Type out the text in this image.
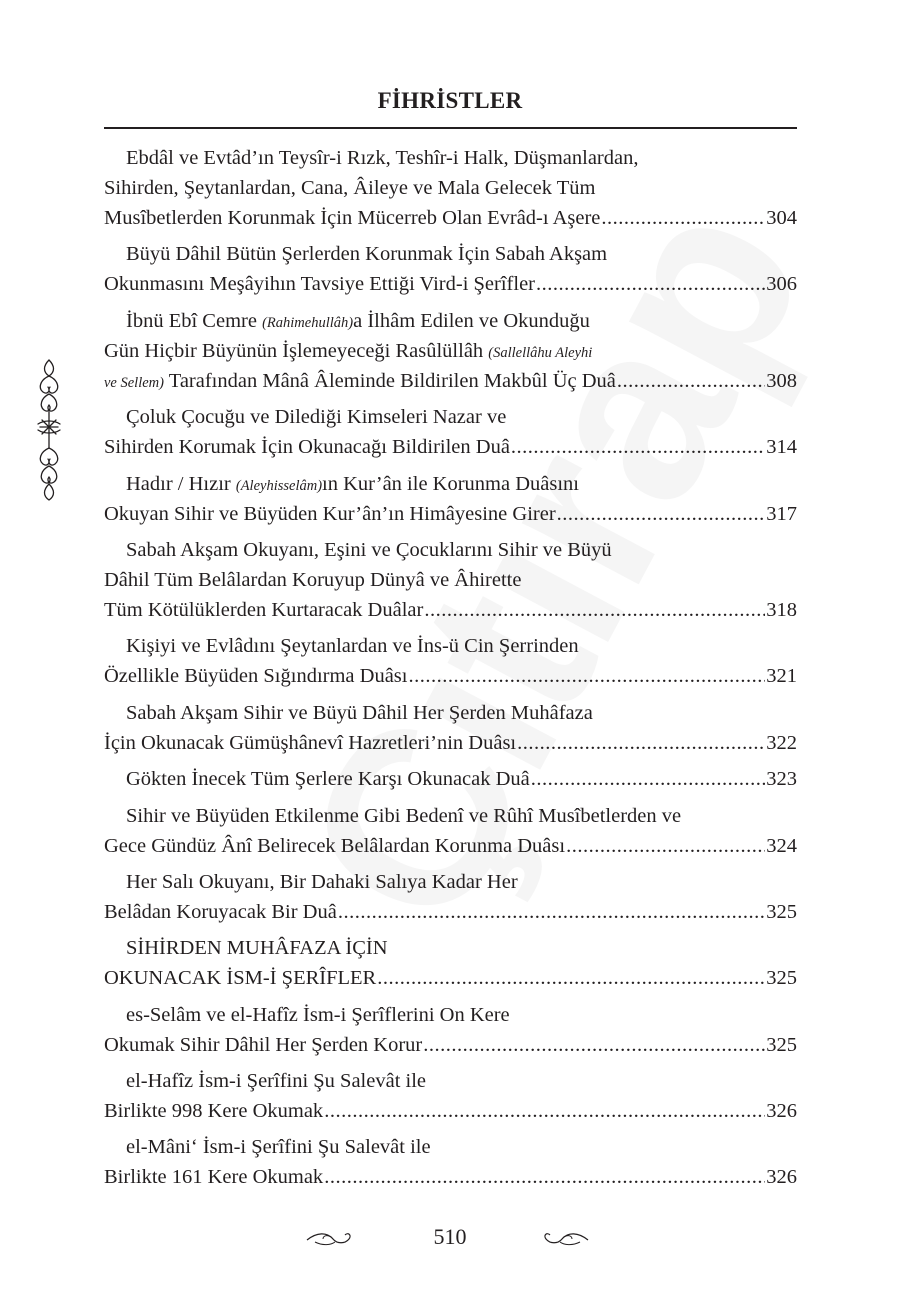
FİHRİSTLER
Ebdâl ve Evtâd’ın Teysîr-i Rızk, Teshîr-i Halk, Düşmanlardan,
Sihirden, Şeytanlardan, Cana, Âileye ve Mala Gelecek Tüm
Musîbetlerden Korunmak İçin Mücerreb Olan Evrâd-ı Aşere .....	304
Büyü Dâhil Bütün Şerlerden Korunmak İçin Sabah Akşam
Okunmasını Meşâyihın Tavsiye Ettiği Vird-i Şerîfler .....	306
İbnü Ebî Cemre (Rahimehullâh)a İlhâm Edilen ve Okunduğu
Gün Hiçbir Büyünün İşlemeyeceği Rasûlüllâh (Sallellâhu Aleyhi
ve Sellem) Tarafından Mânâ Âleminde Bildirilen Makbûl Üç Duâ .....	308
Çoluk Çocuğu ve Dilediği Kimseleri Nazar ve
Sihirden Korumak İçin Okunacağı Bildirilen Duâ .....	314
Hadır / Hızır (Aleyhisselâm)ın Kur’ân ile Korunma Duâsını
Okuyan Sihir ve Büyüden Kur’ân’ın Himâyesine Girer .....	317
Sabah Akşam Okuyanı, Eşini ve Çocuklarını Sihir ve Büyü
Dâhil Tüm Belâlardan Koruyup Dünyâ ve Âhirette
Tüm Kötülüklerden Kurtaracak Duâlar .....	318
Kişiyi ve Evlâdını Şeytanlardan ve İns-ü Cin Şerrinden
Özellikle Büyüden Sığındırma Duâsı .....	321
Sabah Akşam Sihir ve Büyü Dâhil Her Şerden Muhâfaza
İçin Okunacak Gümüşhânevî Hazretleri’nin Duâsı .....	322
Gökten İnecek Tüm Şerlere Karşı Okunacak Duâ .....	323
Sihir ve Büyüden Etkilenme Gibi Bedenî ve Rûhî Musîbetlerden ve
Gece Gündüz Ânî Belirecek Belâlardan Korunma Duâsı .....	324
Her Salı Okuyanı, Bir Dahaki Salıya Kadar Her
Belâdan Koruyacak Bir Duâ .....	325
SİHİRDEN MUHÂFAZA İÇİN
OKUNACAK İSM-İ ŞERÎFLER .....	325
es-Selâm ve el-Hafîz İsm-i Şerîflerini On Kere
Okumak Sihir Dâhil Her Şerden Korur .....	325
el-Hafîz İsm-i Şerîfini Şu Salevât ile
Birlikte 998 Kere Okumak .....	326
el-Mâni‘ İsm-i Şerîfini Şu Salevât ile
Birlikte 161 Kere Okumak .....	326
510
